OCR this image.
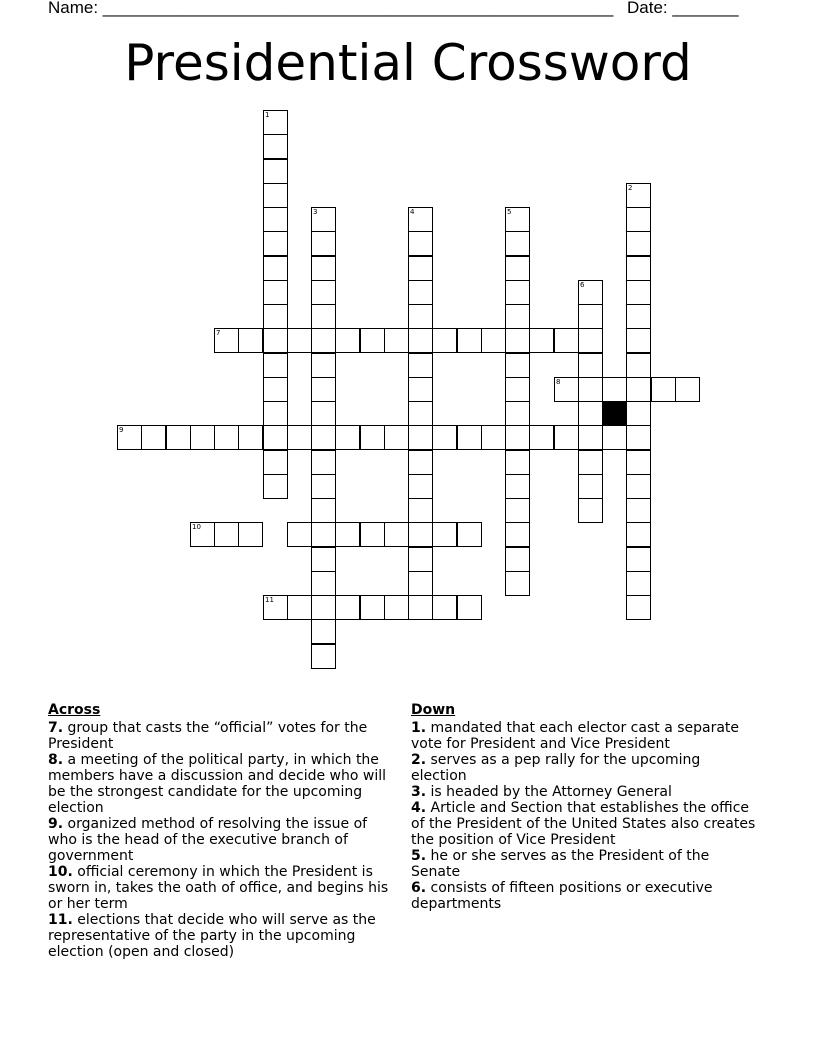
Name: ______________________________________________________ Date: _______
Presidential Crossword
1
2
3	4	5
6
7
8
9
10
11
Across
7. group that casts the “official” votes for the President
8. a meeting of the political party, in which the members have a discussion and decide who will be the strongest candidate for the upcoming election
9. organized method of resolving the issue of who is the head of the executive branch of government
10. official ceremony in which the President is sworn in, takes the oath of office, and begins his or her term
11. elections that decide who will serve as the representative of the party in the upcoming election (open and closed)
Down
1. mandated that each elector cast a separate vote for President and Vice President
2. serves as a pep rally for the upcoming election
3. is headed by the Attorney General
4. Article and Section that establishes the office of the President of the United States also creates the position of Vice President
5. he or she serves as the President of the Senate
6. consists of fifteen positions or executive departments
